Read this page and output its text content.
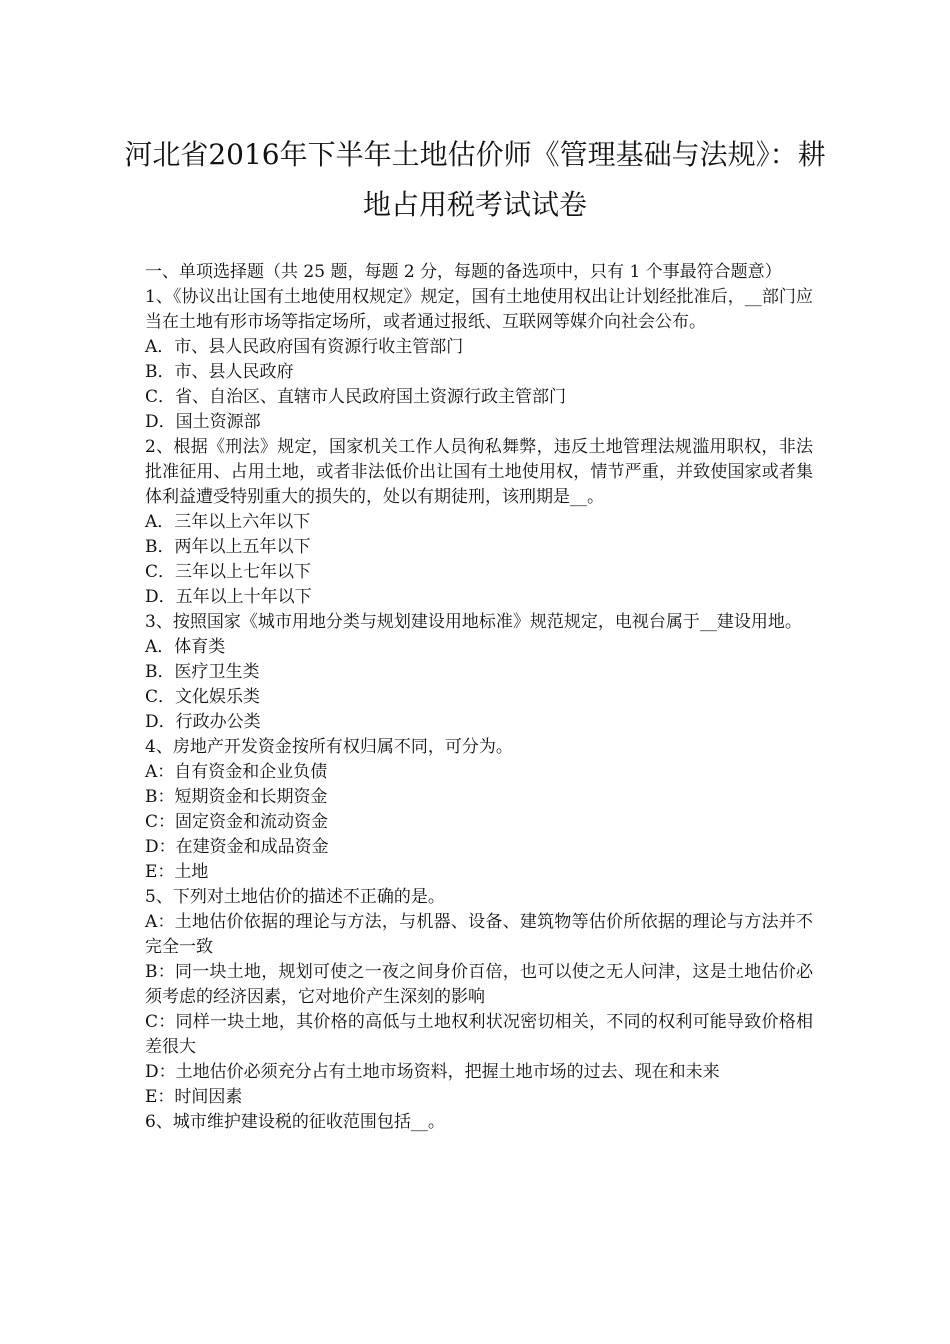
河北省2016年下半年土地估价师《管理基础与法规》：耕
地占用税考试试卷

一、单项选择题（共 25 题，每题 2 分，每题的备选项中，只有 1 个事最符合题意）

1、《协议出让国有土地使用权规定》规定，国有土地使用权出让计划经批准后，__部门应当在土地有形市场等指定场所，或者通过报纸、互联网等媒介向社会公布。

A．市、县人民政府国有资源行收主管部门

B．市、县人民政府

C．省、自治区、直辖市人民政府国土资源行政主管部门

D．国土资源部

2、根据《刑法》规定，国家机关工作人员徇私舞弊，违反土地管理法规滥用职权，非法批准征用、占用土地，或者非法低价出让国有土地使用权，情节严重，并致使国家或者集体利益遭受特别重大的损失的，处以有期徒刑，该刑期是__。

A．三年以上六年以下

B．两年以上五年以下

C．三年以上七年以下

D．五年以上十年以下

3、按照国家《城市用地分类与规划建设用地标准》规范规定，电视台属于__建设用地。

A．体育类

B．医疗卫生类

C．文化娱乐类

D．行政办公类

4、房地产开发资金按所有权归属不同，可分为。

A：自有资金和企业负债

B：短期资金和长期资金

C：固定资金和流动资金

D：在建资金和成品资金

E：土地

5、下列对土地估价的描述不正确的是。

A：土地估价依据的理论与方法，与机器、设备、建筑物等估价所依据的理论与方法并不完全一致

B：同一块土地，规划可使之一夜之间身价百倍，也可以使之无人问津，这是土地估价必须考虑的经济因素，它对地价产生深刻的影响

C：同样一块土地，其价格的高低与土地权利状况密切相关，不同的权利可能导致价格相差很大

D：土地估价必须充分占有土地市场资料，把握土地市场的过去、现在和未来

E：时间因素

6、城市维护建设税的征收范围包括__。
